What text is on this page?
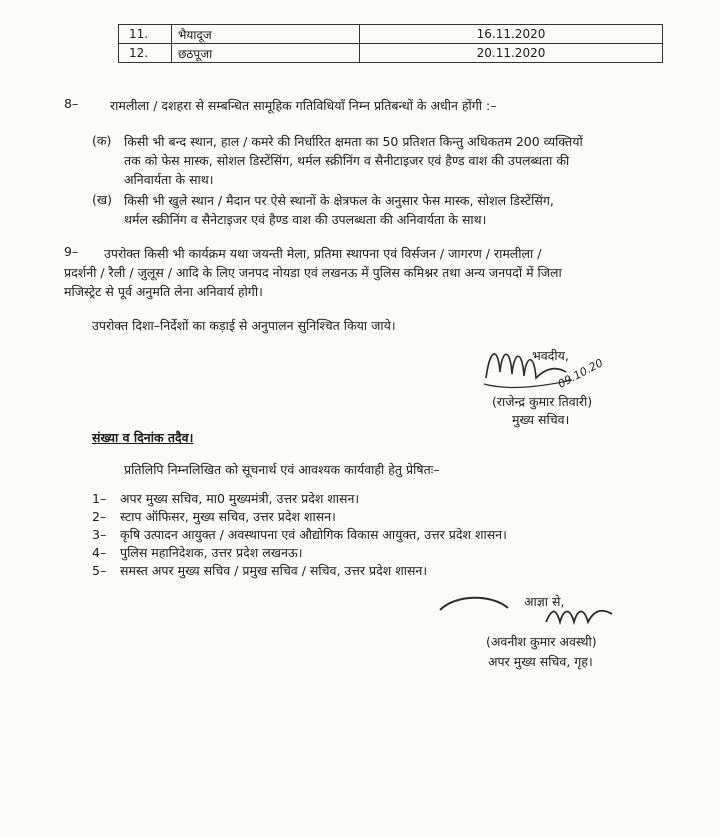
11.	भैयादूज	16.11.2020
12.	छठपूजा	20.11.2020
8–	रामलीला / दशहरा से सम्बन्धित सामूहिक गतिविधियाँ निम्न प्रतिबन्धों के अधीन होंगी :–
(क) किसी भी बन्द स्थान, हाल / कमरे की निर्धारित क्षमता का 50 प्रतिशत किन्तु अधिकतम 200 व्यक्तियों
तक को फेस मास्क, सोशल डिस्टेंसिंग, थर्मल स्क्रीनिंग व सैनीटाइजर एवं हैण्ड वाश की उपलब्धता की
अनिवार्यता के साथ।
(ख) किसी भी खुले स्थान / मैदान पर ऐसे स्थानों के क्षेत्रफल के अनुसार फेस मास्क, सोशल डिस्टेंसिंग,
थर्मल स्क्रीनिंग व सैनेटाइजर एवं हैण्ड वाश की उपलब्धता की अनिवार्यता के साथ।
9–	उपरोक्त किसी भी कार्यक्रम यथा जयन्ती मेला, प्रतिमा स्थापना एवं विर्सजन / जागरण / रामलीला /
प्रदर्शनी / रैली / जुलूस / आदि के लिए जनपद नोयडा एवं लखनऊ में पुलिस कमिश्नर तथा अन्य जनपदों में जिला
मजिस्ट्रेट से पूर्व अनुमति लेना अनिवार्य होगी।
उपरोक्त दिशा–निर्देशों का कड़ाई से अनुपालन सुनिश्चित किया जाये।
भवदीय,
09.10.20
(राजेन्द्र कुमार तिवारी)
मुख्य सचिव।
संख्या व दिनांक तदैव।
प्रतिलिपि निम्नलिखित को सूचनार्थ एवं आवश्यक कार्यवाही हेतु प्रेषितः–
1– अपर मुख्य सचिव, मा0 मुख्यमंत्री, उत्तर प्रदेश शासन।
2– स्टाप ऑफिसर, मुख्य सचिव, उत्तर प्रदेश शासन।
3– कृषि उत्पादन आयुक्त / अवस्थापना एवं औद्योगिक विकास आयुक्त, उत्तर प्रदेश शासन।
4– पुलिस महानिदेशक, उत्तर प्रदेश लखनऊ।
5– समस्त अपर मुख्य सचिव / प्रमुख सचिव / सचिव, उत्तर प्रदेश शासन।
आज्ञा से,
(अवनीश कुमार अवस्थी)
अपर मुख्य सचिव, गृह।
